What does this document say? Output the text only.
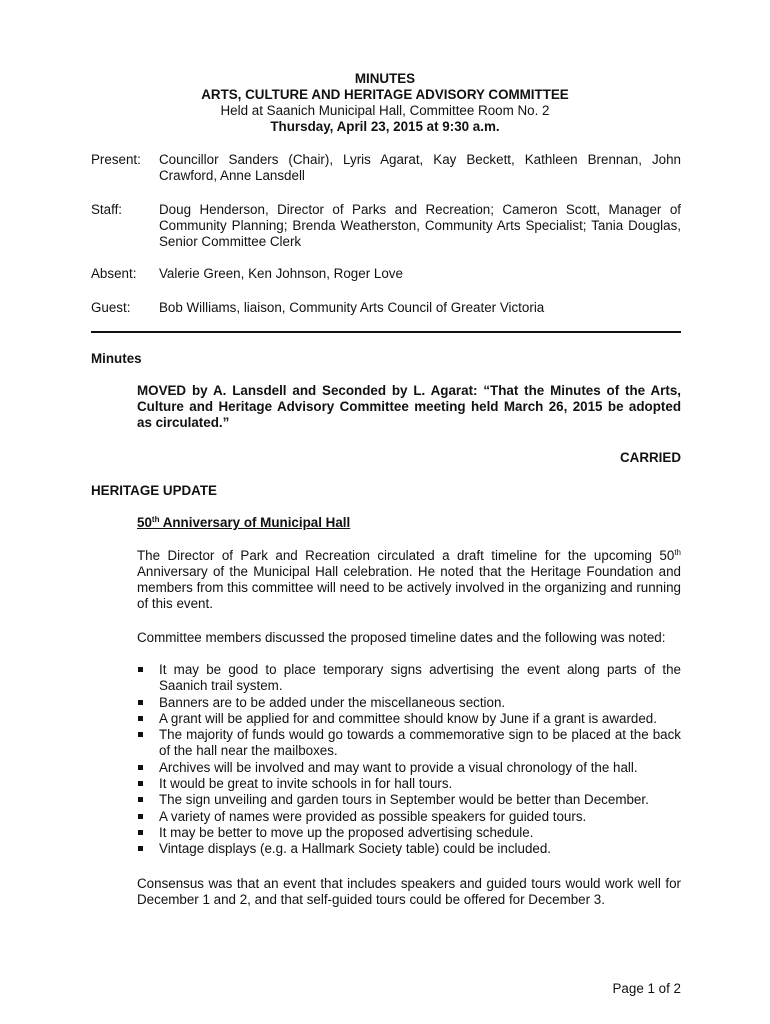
MINUTES
ARTS, CULTURE AND HERITAGE ADVISORY COMMITTEE
Held at Saanich Municipal Hall, Committee Room No. 2
Thursday, April 23, 2015 at 9:30 a.m.
Present:	Councillor Sanders (Chair), Lyris Agarat, Kay Beckett, Kathleen Brennan, John Crawford, Anne Lansdell
Staff:	Doug Henderson, Director of Parks and Recreation; Cameron Scott, Manager of Community Planning; Brenda Weatherston, Community Arts Specialist; Tania Douglas, Senior Committee Clerk
Absent:	Valerie Green, Ken Johnson, Roger Love
Guest:	Bob Williams, liaison, Community Arts Council of Greater Victoria
Minutes
MOVED by A. Lansdell and Seconded by L. Agarat: “That the Minutes of the Arts, Culture and Heritage Advisory Committee meeting held March 26, 2015 be adopted as circulated.”
CARRIED
HERITAGE UPDATE
50th Anniversary of Municipal Hall
The Director of Park and Recreation circulated a draft timeline for the upcoming 50th Anniversary of the Municipal Hall celebration. He noted that the Heritage Foundation and members from this committee will need to be actively involved in the organizing and running of this event.
Committee members discussed the proposed timeline dates and the following was noted:
It may be good to place temporary signs advertising the event along parts of the Saanich trail system.
Banners are to be added under the miscellaneous section.
A grant will be applied for and committee should know by June if a grant is awarded.
The majority of funds would go towards a commemorative sign to be placed at the back of the hall near the mailboxes.
Archives will be involved and may want to provide a visual chronology of the hall.
It would be great to invite schools in for hall tours.
The sign unveiling and garden tours in September would be better than December.
A variety of names were provided as possible speakers for guided tours.
It may be better to move up the proposed advertising schedule.
Vintage displays (e.g. a Hallmark Society table) could be included.
Consensus was that an event that includes speakers and guided tours would work well for December 1 and 2, and that self-guided tours could be offered for December 3.
Page 1 of 2
